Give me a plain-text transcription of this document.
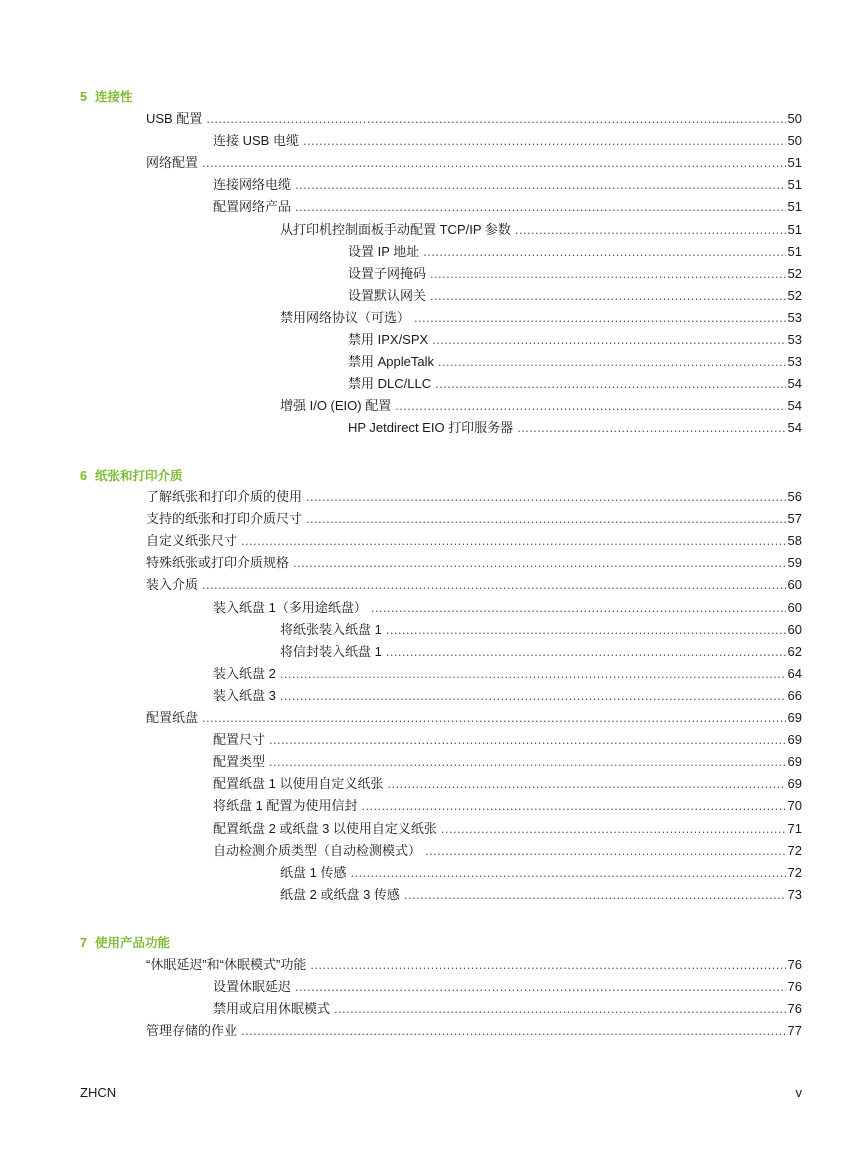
5 连接性
6 纸张和打印介质
7 使用产品功能
USB 配置 .....	50
连接 USB 电缆 .....	50
网络配置 .....	51
连接网络电缆 .....	51
配置网络产品 .....	51
从打印机控制面板手动配置 TCP/IP 参数 .....	51
设置 IP 地址 .....	51
设置子网掩码 .....	52
设置默认网关 .....	52
禁用网络协议（可选） .....	53
禁用 IPX/SPX .....	53
禁用 AppleTalk .....	53
禁用 DLC/LLC .....	54
增强 I/O (EIO) 配置 .....	54
HP Jetdirect EIO 打印服务器 .....	54
了解纸张和打印介质的使用 .....	56
支持的纸张和打印介质尺寸 .....	57
自定义纸张尺寸 .....	58
特殊纸张或打印介质规格 .....	59
装入介质 .....	60
装入纸盘 1（多用途纸盘） .....	60
将纸张装入纸盘 1 .....	60
将信封装入纸盘 1 .....	62
装入纸盘 2 .....	64
装入纸盘 3 .....	66
配置纸盘 .....	69
配置尺寸 .....	69
配置类型 .....	69
配置纸盘 1 以使用自定义纸张 .....	69
将纸盘 1 配置为使用信封 .....	70
配置纸盘 2 或纸盘 3 以使用自定义纸张 .....	71
自动检测介质类型（自动检测模式） .....	72
纸盘 1 传感 .....	72
纸盘 2 或纸盘 3 传感 .....	73
“休眠延迟”和“休眠模式”功能 .....	76
设置休眠延迟 .....	76
禁用或启用休眠模式 .....	76
管理存储的作业 .....	77
ZHCN	v
